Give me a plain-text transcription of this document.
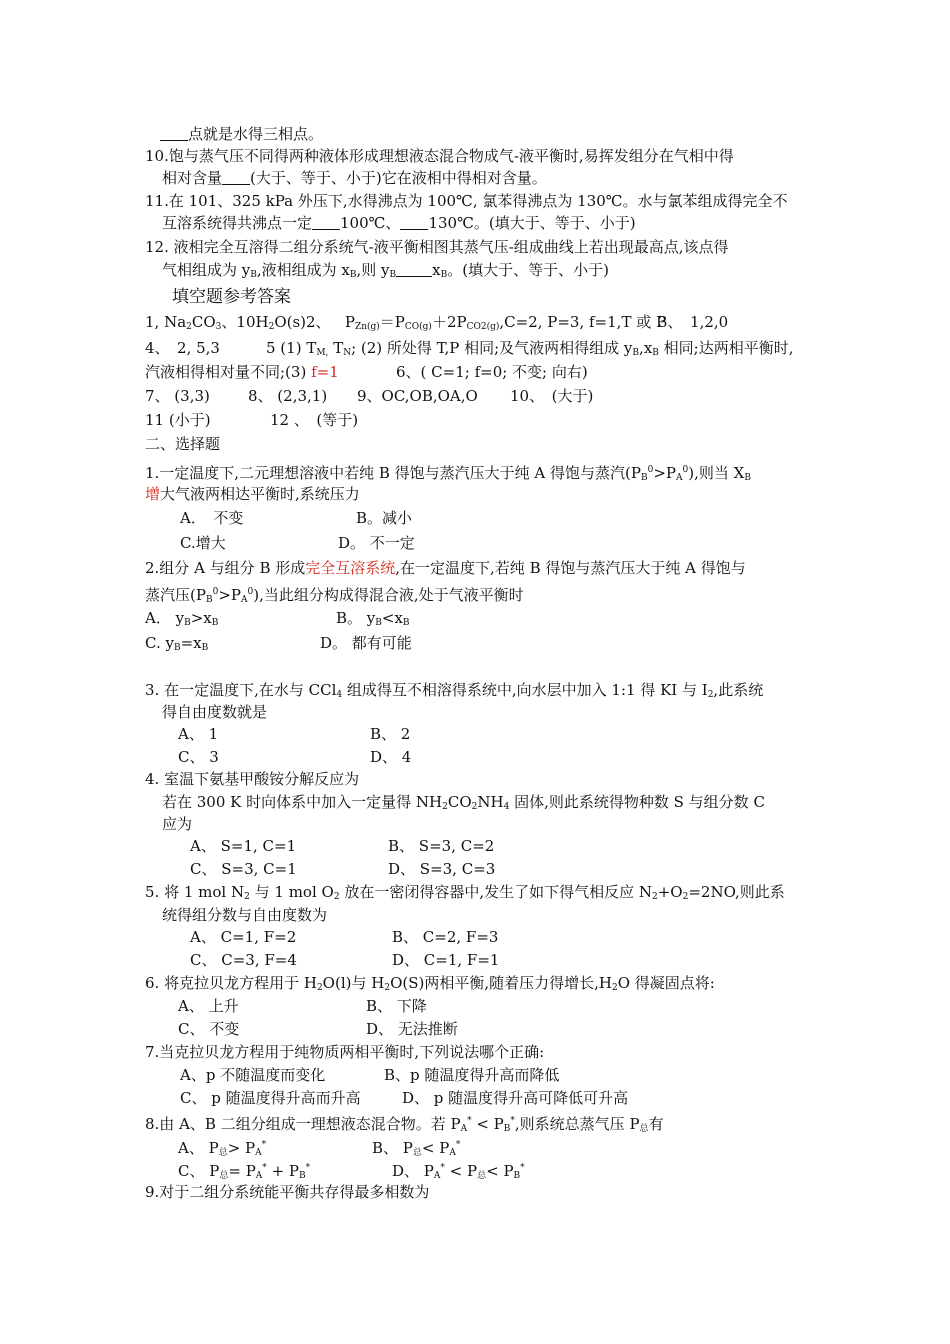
点就是水得三相点。
10.饱与蒸气压不同得两种液体形成理想液态混合物成气-液平衡时,易挥发组分在气相中得
相对含量 (大于、等于、小于)它在液相中得相对含量。
11.在 101、325 kPa 外压下,水得沸点为 100℃, 氯苯得沸点为 130℃。水与氯苯组成得完全不
互溶系统得共沸点一定 100℃、 130℃。(填大于、等于、小于)
12. 液相完全互溶得二组分系统气-液平衡相图其蒸气压-组成曲线上若出现最高点,该点得
气相组成为 $y_B$,液相组成为 $x_B$,则 $y_B$ $x_B$。(填大于、等于、小于)
填空题参考答案
1, $Na_2CO_3$、$10H_2O(s)$ 2、 $P_{Zn(g)}=P_{CO(g)}+2P_{CO2(g)},C=2$, P=3, f=1,T 或 P
3、　1,2,0
4、　2, 5,3	5 (1) $T_{M,}$ $T_N$; (2) 所处得 T,P 相同;及气液两相得组成 $y_B,x_B$ 相同;达两相平衡时,
汽液相得相对量不同;(3) f=1	6、( C=1; f=0; 不变; 向右)
7、 (3,3)	8、 (2,3,1) 9、OC,OB,OA,O 10、　(大于)
11 (小于)	12 、　(等于)
二、选择题
1.一定温度下,二元理想溶液中若纯 B 得饱与蒸汽压大于纯 A 得饱与蒸汽$(P_B^0>P_A^0)$,则当 $X_B$
增大气液两相达平衡时,系统压力
A．　不变	B。减小
C.增大	D。 不一定
2.组分 A 与组分 B 形成完全互溶系统,在一定温度下,若纯 B 得饱与蒸汽压大于纯 A 得饱与
蒸汽压$(P_B^0>P_A^0)$,当此组分构成得混合液,处于气液平衡时
A． $y_B>x_B$	B。 $y_B<x_B$
C. $y_B=x_B$	D。 都有可能
3. 在一定温度下,在水与 CCl$_4$ 组成得互不相溶得系统中,向水层中加入 1:1 得 KI 与 $I_2$,此系统
得自由度数就是
A、 1	B、 2
C、 3	D、 4
4. 室温下氨基甲酸铵分解反应为
若在 300 K 时向体系中加入一定量得 $NH_2CO_2NH_4$ 固体,则此系统得物种数 S 与组分数 C
应为
A、 S=1, C=1	B、 S=3, C=2
C、 S=3, C=1	D、 S=3, C=3
5. 将 1 mol $N_2$ 与 1 mol $O_2$ 放在一密闭得容器中,发生了如下得气相反应 $N_2+O_2=2NO$,则此系
统得组分数与自由度数为
A、 C=1, F=2	B、 C=2, F=3
C、 C=3, F=4	D、 C=1, F=1
6. 将克拉贝龙方程用于 $H_2O(l)$与 $H_2O(S)$两相平衡,随着压力得增长$,H_2O$ 得凝固点将:
A、 上升	B、 下降
C、 不变	D、 无法推断
7.当克拉贝龙方程用于纯物质两相平衡时,下列说法哪个正确:
A、p 不随温度而变化	B、p 随温度得升高而降低
C、 p 随温度得升高而升高	D、 p 随温度得升高可降低可升高
8.由 A、B 二组分组成一理想液态混合物。若 $P_A^* < P_B^*$,则系统总蒸气压 $P_总$有
A、 $P_总> P_A^*$	B、 $P_总< P_A^*$
C、 $P_总= P_A^* + P_B^*$	D、 $P_A^* < P_总< P_B^*$
9.对于二组分系统能平衡共存得最多相数为
